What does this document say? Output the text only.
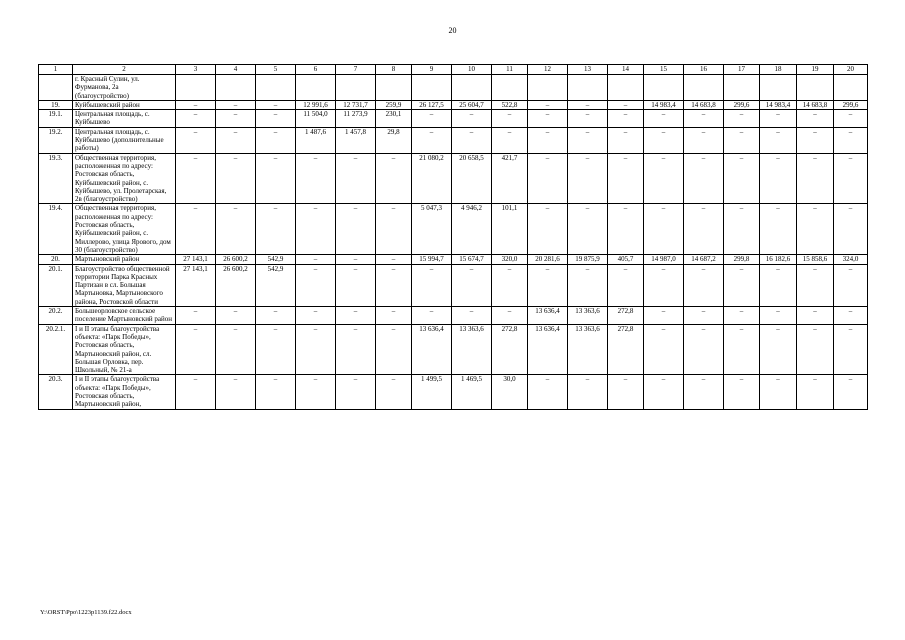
20
1	2	3	4	5	6	7	8	9	10	11	12	13	14	15	16	17	18	19	20
	г. Красный Сулин, ул. Фурманова, 2а (благоустройство)																		
19.	Куйбышевский район	–	–	–	12 991,6	12 731,7	259,9	26 127,5	25 604,7	522,8	–	–	–	14 983,4	14 683,8	299,6	14 983,4	14 683,8	299,6
19.1.	Центральная площадь, с. Куйбышево	–	–	–	11 504,0	11 273,9	230,1	–	–	–	–	–	–	–	–	–	–	–	–
19.2.	Центральная площадь, с. Куйбышево (дополнительные работы)	–	–	–	1 487,6	1 457,8	29,8	–	–	–	–	–	–	–	–	–	–	–	–
19.3.	Общественная территория, расположенная по адресу: Ростовская область, Куйбышевский район, с. Куйбышево, ул. Пролетарская, 2в (благоустройство)	–	–	–	–	–	–	21 080,2	20 658,5	421,7	–	–	–	–	–	–	–	–	–
19.4.	Общественная территория, расположенная по адресу: Ростовская область, Куйбышевский район, с. Миллерово, улица Ярового, дом 30 (благоустройство)	–	–	–	–	–	–	5 047,3	4 946,2	101,1	–	–	–	–	–	–	–	–	–
20.	Мартыновский район	27 143,1	26 600,2	542,9	–	–	–	15 994,7	15 674,7	320,0	20 281,6	19 875,9	405,7	14 987,0	14 687,2	299,8	16 182,6	15 858,6	324,0
20.1.	Благоустройство общественной территории Парка Красных Партизан в сл. Большая Мартыновка, Мартыновского района, Ростовской области	27 143,1	26 600,2	542,9	–	–	–	–	–	–	–	–	–	–	–	–	–	–	–
20.2.	Большеорловское сельское поселение Мартыновский район	–	–	–	–	–	–	–	–	–	13 636,4	13 363,6	272,8	–	–	–	–	–	–
20.2.1.	I и II этапы благоустройства объекта: «Парк Победы», Ростовская область, Мартыновский район, сл. Большая Орловка, пер. Школьный, № 21-а	–	–	–	–	–	–	13 636,4	13 363,6	272,8	13 636,4	13 363,6	272,8	–	–	–	–	–	–
20.3.	I и II этапы благоустройства объекта: «Парк Победы», Ростовская область, Мартыновский район,	–	–	–	–	–	–	1 499,5	1 469,5	30,0	–	–	–	–	–	–	–	–	–
Y:\ORST\Ppo\1223p1139.f22.docx
